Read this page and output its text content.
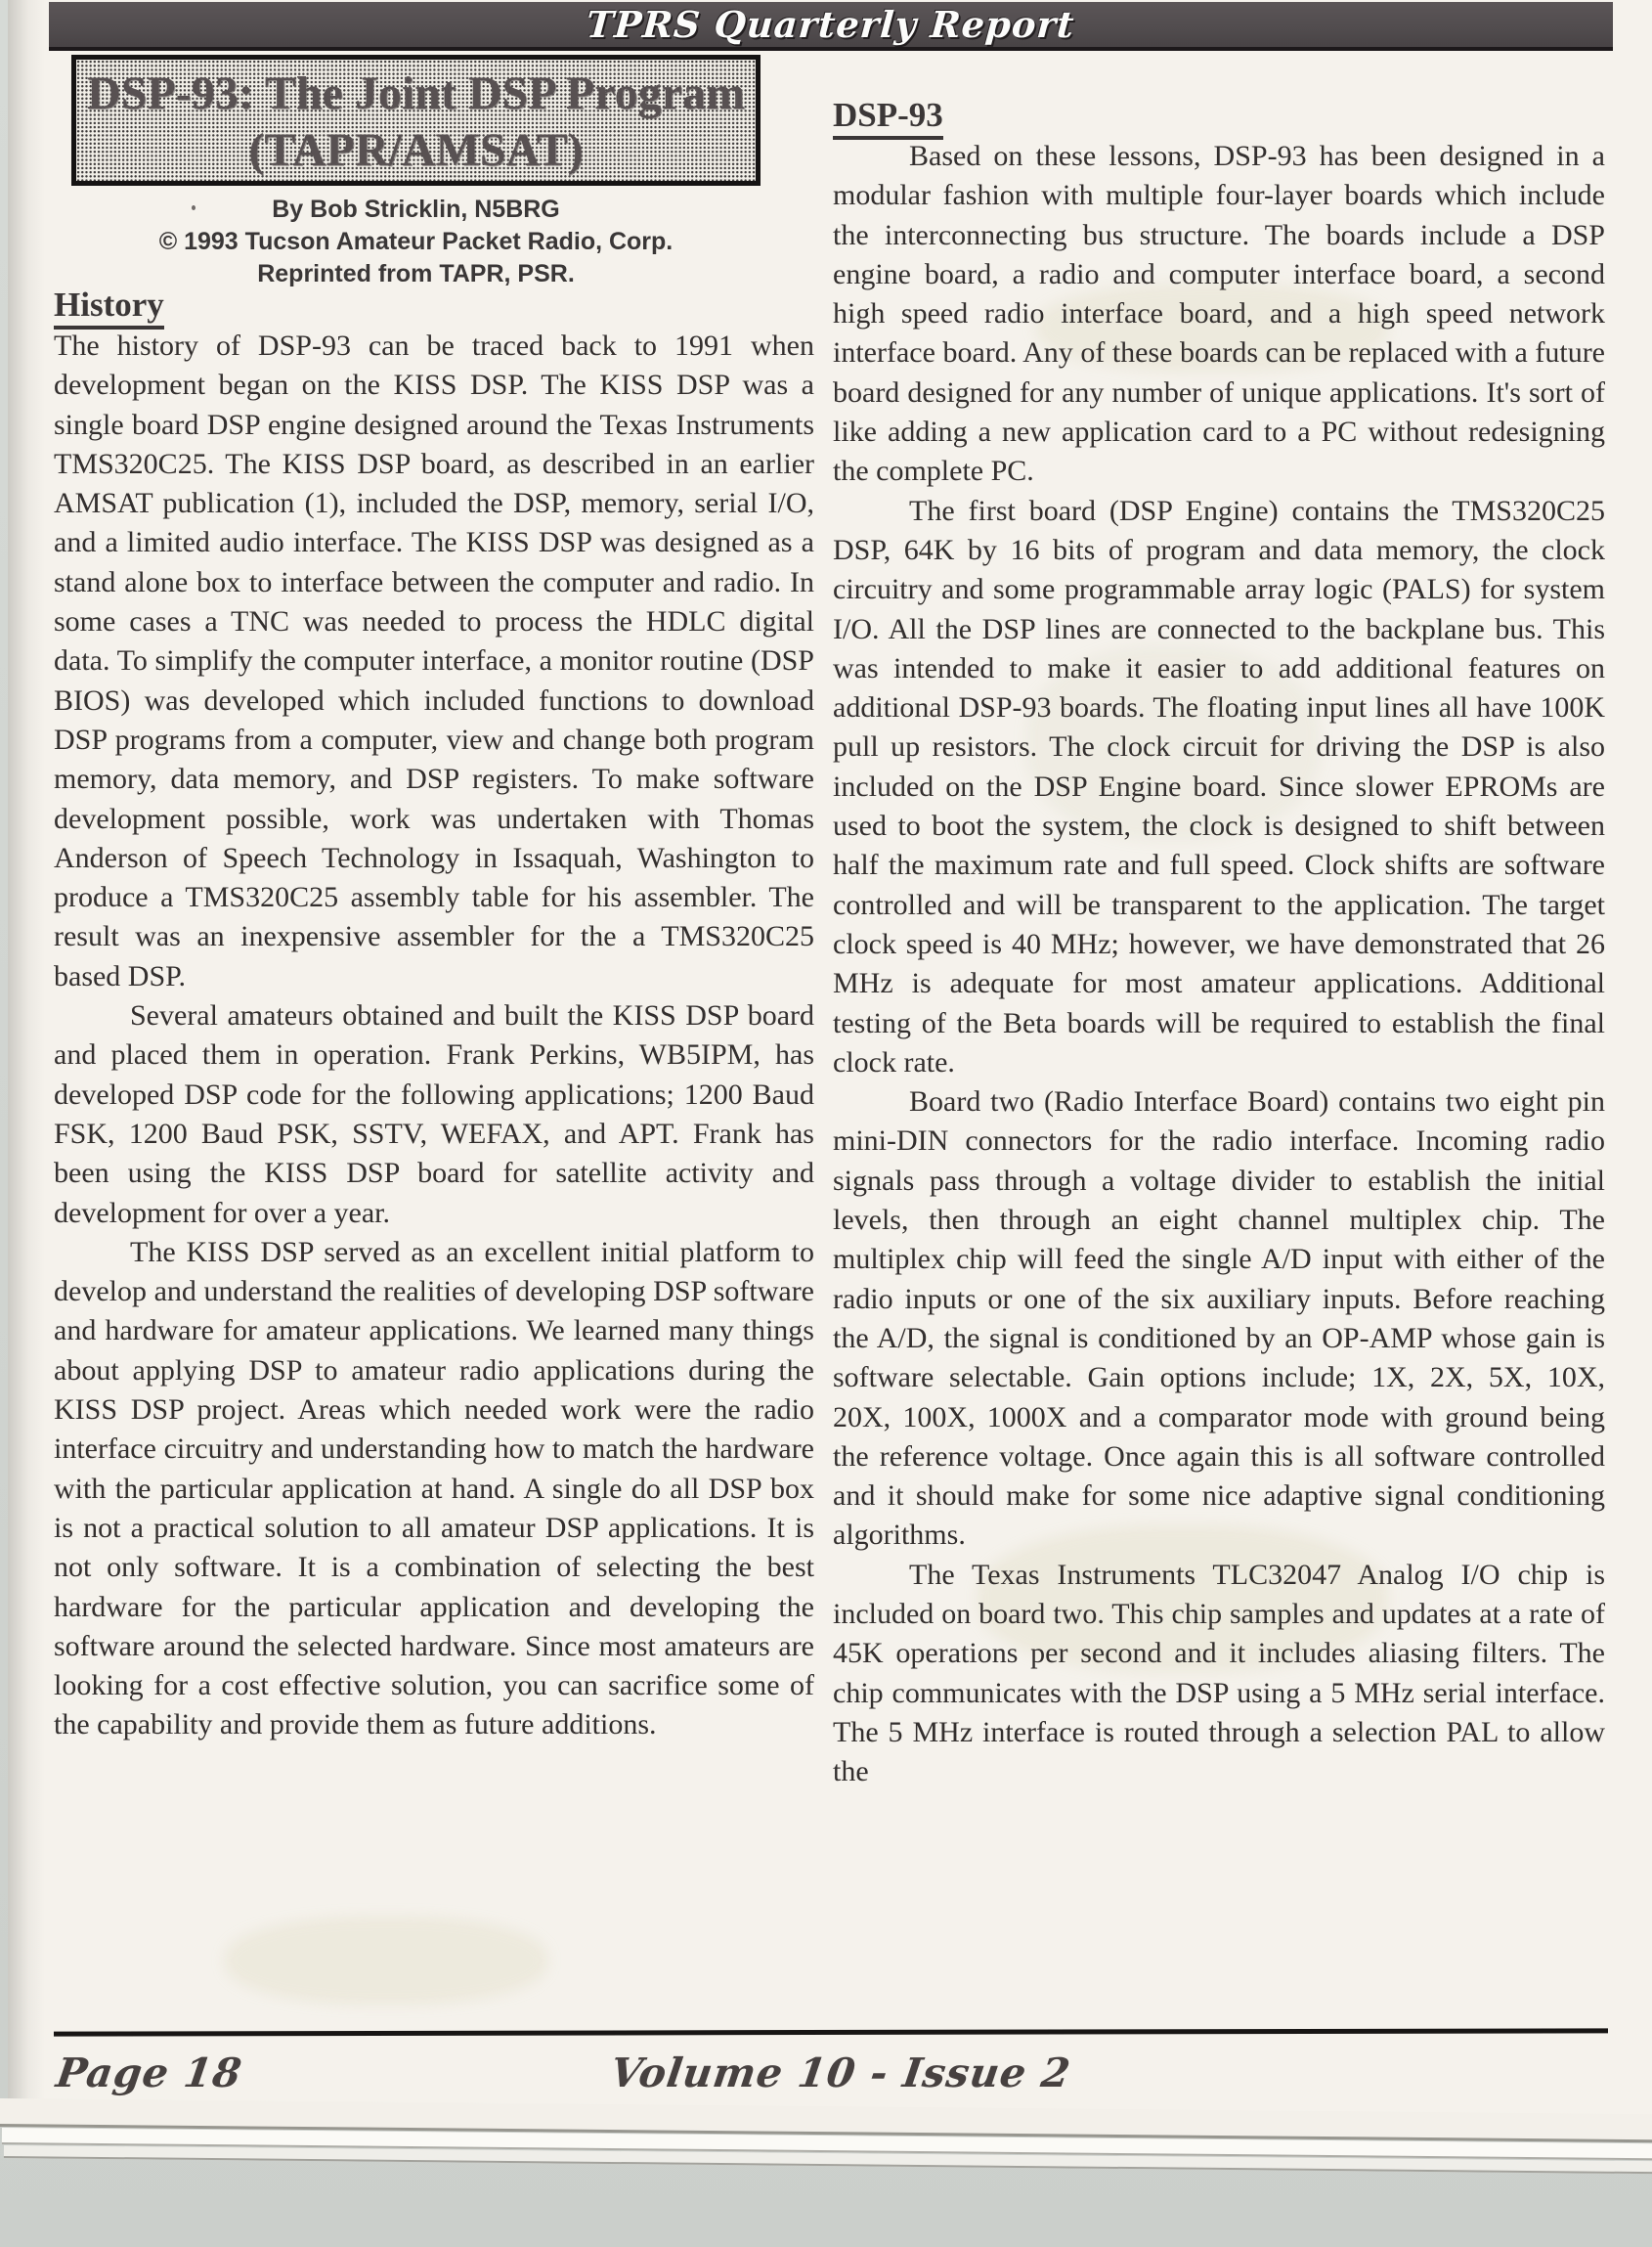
TPRS Quarterly Report
DSP-93: The Joint DSP Program
(TAPR/AMSAT)
By Bob Stricklin, N5BRG
© 1993 Tucson Amateur Packet Radio, Corp.
Reprinted from TAPR, PSR.
History

The history of DSP-93 can be traced back to 1991 when development began on the KISS DSP. The KISS DSP was a single board DSP engine designed around the Texas Instruments TMS320C25. The KISS DSP board, as described in an earlier AMSAT publication (1), included the DSP, memory, serial I/O, and a limited audio interface. The KISS DSP was designed as a stand alone box to interface between the computer and radio. In some cases a TNC was needed to process the HDLC digital data. To simplify the computer interface, a monitor routine (DSP BIOS) was developed which included functions to download DSP programs from a computer, view and change both program memory, data memory, and DSP registers. To make software development possible, work was undertaken with Thomas Anderson of Speech Technology in Issaquah, Washington to produce a TMS320C25 assembly table for his assembler. The result was an inexpensive assembler for the a TMS320C25 based DSP.

Several amateurs obtained and built the KISS DSP board and placed them in operation. Frank Perkins, WB5IPM, has developed DSP code for the following applications; 1200 Baud FSK, 1200 Baud PSK, SSTV, WEFAX, and APT. Frank has been using the KISS DSP board for satellite activity and development for over a year.

The KISS DSP served as an excellent initial platform to develop and understand the realities of developing DSP software and hardware for amateur applications. We learned many things about applying DSP to amateur radio applications during the KISS DSP project. Areas which needed work were the radio interface circuitry and understanding how to match the hardware with the particular application at hand. A single do all DSP box is not a practical solution to all amateur DSP applications. It is not only software. It is a combination of selecting the best hardware for the particular application and developing the software around the selected hardware. Since most amateurs are looking for a cost effective solution, you can sacrifice some of the capability and provide them as future additions.

DSP-93

Based on these lessons, DSP-93 has been designed in a modular fashion with multiple four-layer boards which include the interconnecting bus structure. The boards include a DSP engine board, a radio and computer interface board, a second high speed radio interface board, and a high speed network interface board. Any of these boards can be replaced with a future board designed for any number of unique applications. It's sort of like adding a new application card to a PC without redesigning the complete PC.

The first board (DSP Engine) contains the TMS320C25 DSP, 64K by 16 bits of program and data memory, the clock circuitry and some programmable array logic (PALS) for system I/O. All the DSP lines are connected to the backplane bus. This was intended to make it easier to add additional features on additional DSP-93 boards. The floating input lines all have 100K pull up resistors. The clock circuit for driving the DSP is also included on the DSP Engine board. Since slower EPROMs are used to boot the system, the clock is designed to shift between half the maximum rate and full speed. Clock shifts are software controlled and will be transparent to the application. The target clock speed is 40 MHz; however, we have demonstrated that 26 MHz is adequate for most amateur applications. Additional testing of the Beta boards will be required to establish the final clock rate.

Board two (Radio Interface Board) contains two eight pin mini-DIN connectors for the radio interface. Incoming radio signals pass through a voltage divider to establish the initial levels, then through an eight channel multiplex chip. The multiplex chip will feed the single A/D input with either of the radio inputs or one of the six auxiliary inputs. Before reaching the A/D, the signal is conditioned by an OP-AMP whose gain is software selectable. Gain options include; 1X, 2X, 5X, 10X, 20X, 100X, 1000X and a comparator mode with ground being the reference voltage. Once again this is all software controlled and it should make for some nice adaptive signal conditioning algorithms.

The Texas Instruments TLC32047 Analog I/O chip is included on board two. This chip samples and updates at a rate of 45K operations per second and it includes aliasing filters. The chip communicates with the DSP using a 5 MHz serial interface. The 5 MHz interface is routed through a selection PAL to allow the

Page 18	Volume 10 - Issue 2
